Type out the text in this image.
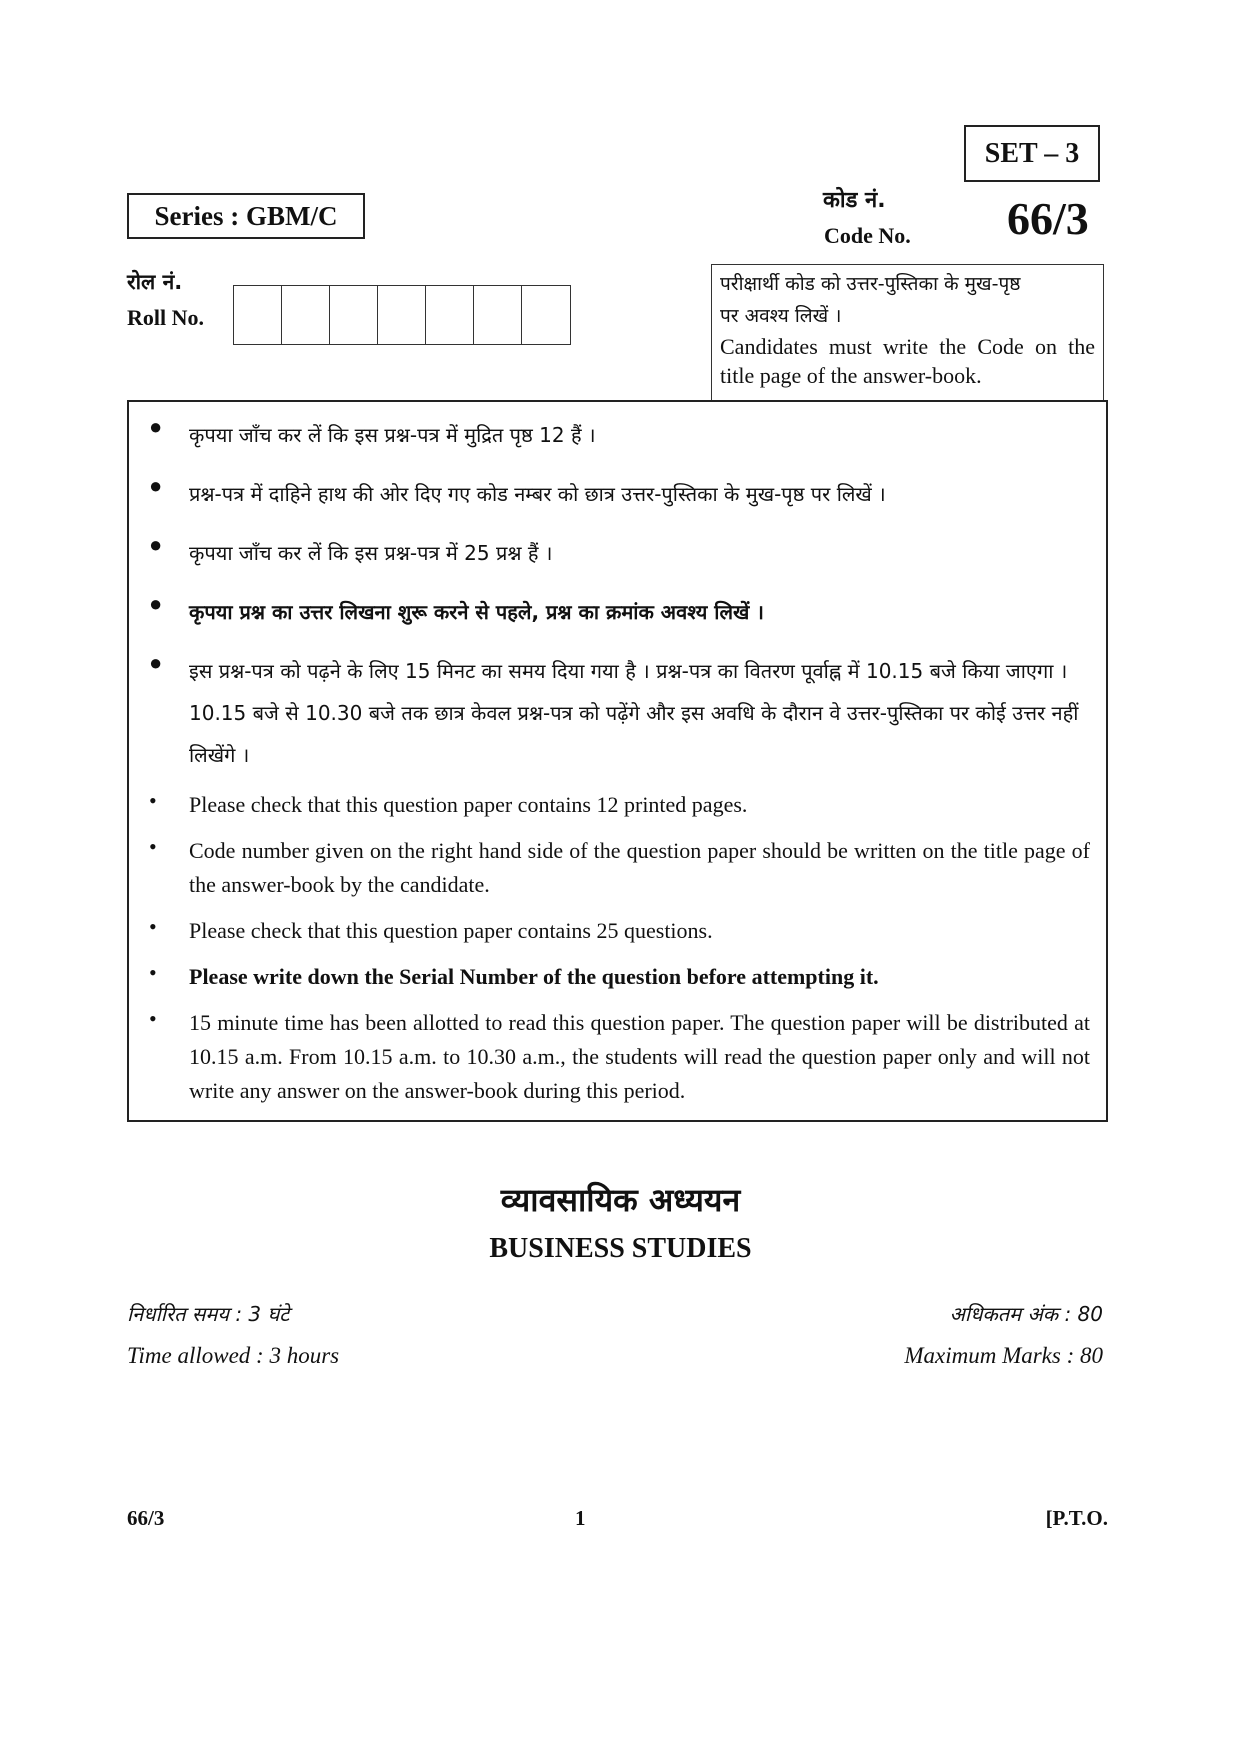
SET – 3
Series : GBM/C	कोड नं.
Code No. 66/3
रोल नं.
Roll No.
परीक्षार्थी कोड को उत्तर-पुस्तिका के मुख-पृष्ठ
पर अवश्य लिखें ।
Candidates must write the Code on the title page of the answer-book.
●	कृपया जाँच कर लें कि इस प्रश्न-पत्र में मुद्रित पृष्ठ 12 हैं ।
●	प्रश्न-पत्र में दाहिने हाथ की ओर दिए गए कोड नम्बर को छात्र उत्तर-पुस्तिका के मुख-पृष्ठ पर लिखें ।
●	कृपया जाँच कर लें कि इस प्रश्न-पत्र में 25 प्रश्न हैं ।
●	कृपया प्रश्न का उत्तर लिखना शुरू करने से पहले, प्रश्न का क्रमांक अवश्य लिखें ।
●	इस प्रश्न-पत्र को पढ़ने के लिए 15 मिनट का समय दिया गया है । प्रश्न-पत्र का वितरण पूर्वाह्न में 10.15 बजे किया जाएगा । 10.15 बजे से 10.30 बजे तक छात्र केवल प्रश्न-पत्र को पढ़ेंगे और इस अवधि के दौरान वे उत्तर-पुस्तिका पर कोई उत्तर नहीं लिखेंगे ।
•	Please check that this question paper contains 12 printed pages.
•	Code number given on the right hand side of the question paper should be written on the title page of the answer-book by the candidate.
•	Please check that this question paper contains 25 questions.
•	Please write down the Serial Number of the question before attempting it.
•	15 minute time has been allotted to read this question paper. The question paper will be distributed at 10.15 a.m. From 10.15 a.m. to 10.30 a.m., the students will read the question paper only and will not write any answer on the answer-book during this period.
व्यावसायिक अध्ययन
BUSINESS STUDIES
निर्धारित समय : 3 घंटे
Time allowed : 3 hours
अधिकतम अंक : 80
Maximum Marks : 80
66/3	1	[P.T.O.
